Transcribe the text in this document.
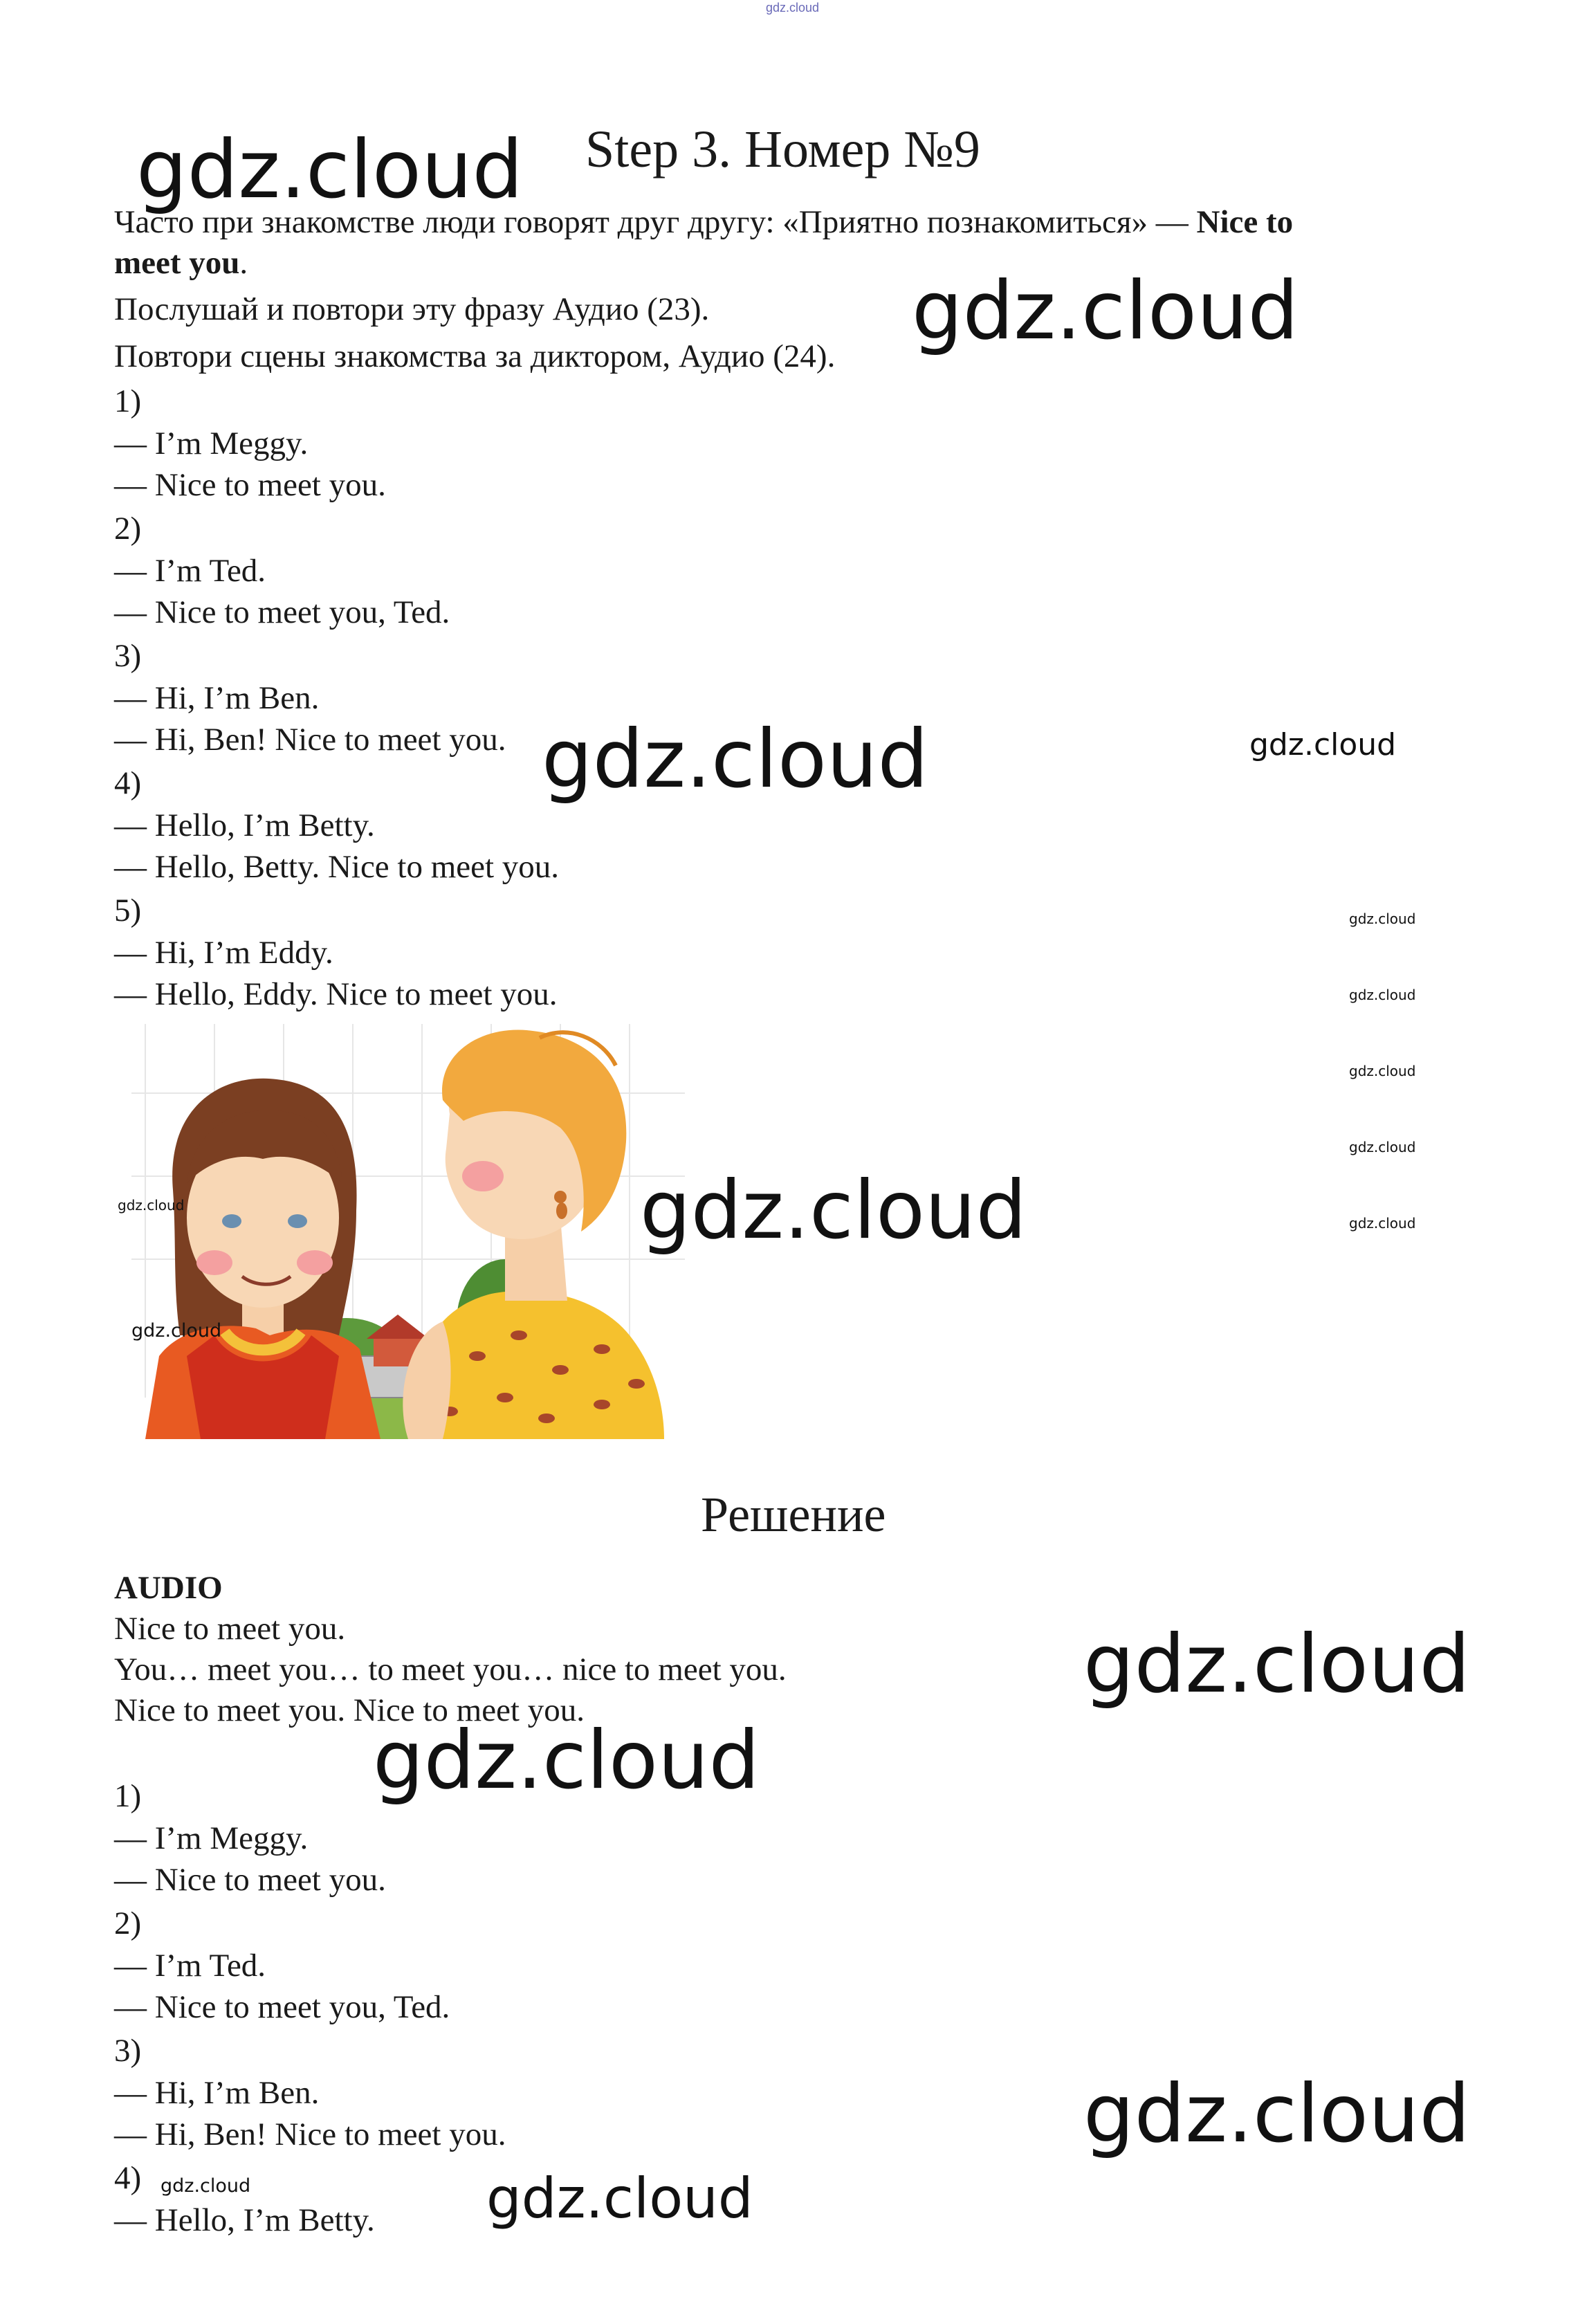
gdz.cloud
Step 3. Номер №9
Часто при знакомстве люди говорят друг другу: «Приятно познакомиться» — Nice to
meet you.
Послушай и повтори эту фразу Аудио (23).
Повтори сцены знакомства за диктором, Аудио (24).
1)
— I’m Meggy.
— Nice to meet you.
2)
— I’m Ted.
— Nice to meet you, Ted.
3)
— Hi, I’m Ben.
— Hi, Ben! Nice to meet you.
4)
— Hello, I’m Betty.
— Hello, Betty. Nice to meet you.
5)
— Hi, I’m Eddy.
— Hello, Eddy. Nice to meet you.
Решение
AUDIO
Nice to meet you.
You… meet you… to meet you… nice to meet you.
Nice to meet you. Nice to meet you.
1)
— I’m Meggy.
— Nice to meet you.
2)
— I’m Ted.
— Nice to meet you, Ted.
3)
— Hi, I’m Ben.
— Hi, Ben! Nice to meet you.
4)
— Hello, I’m Betty.
gdz.cloud
gdz.cloud
gdz.cloud	gdz.cloud
gdz.cloud
gdz.cloud
gdz.cloud
gdz.cloud
gdz.cloud
gdz.cloud	gdz.cloud
gdz.cloud
gdz.cloud
gdz.cloud
gdz.cloud
gdz.cloud	gdz.cloud
